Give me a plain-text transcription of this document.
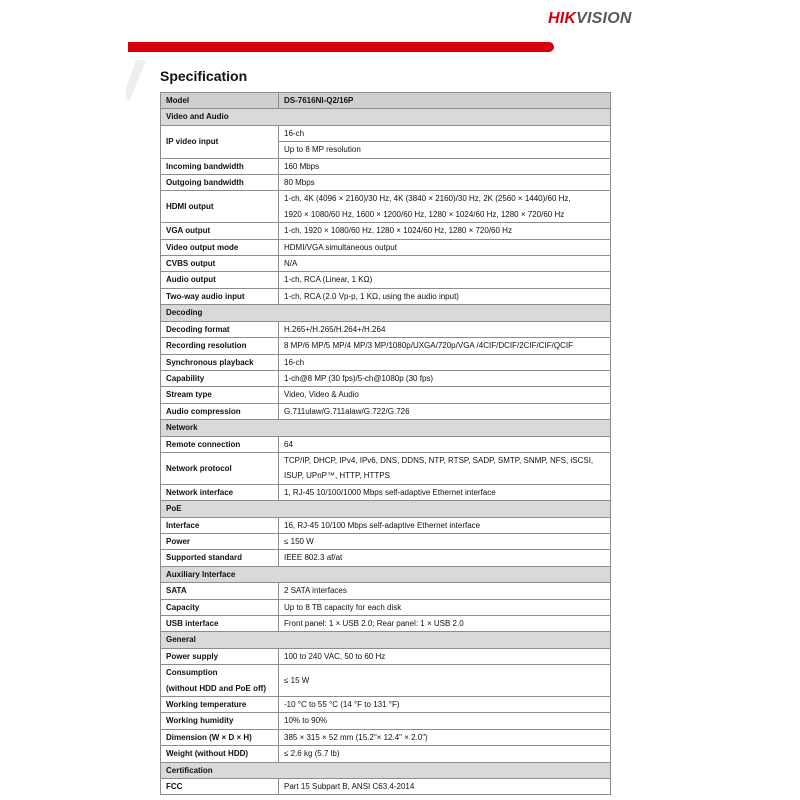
HIKVISION
Specification
Model	DS-7616NI-Q2/16P
Video and Audio	
IP video input	16-ch
	Up to 8 MP resolution
Incoming bandwidth	160 Mbps
Outgoing bandwidth	80 Mbps
HDMI output	1-ch, 4K (4096 × 2160)/30 Hz, 4K (3840 × 2160)/30 Hz, 2K (2560 × 1440)/60 Hz,
1920 × 1080/60 Hz, 1600 × 1200/60 Hz, 1280 × 1024/60 Hz, 1280 × 720/60 Hz
VGA output	1-ch, 1920 × 1080/60 Hz, 1280 × 1024/60 Hz, 1280 × 720/60 Hz
Video output mode	HDMI/VGA simultaneous output
CVBS output	N/A
Audio output	1-ch, RCA (Linear, 1 KΩ)
Two-way audio input	1-ch, RCA (2.0 Vp-p, 1 KΩ, using the audio input)
Decoding	
Decoding format	H.265+/H.265/H.264+/H.264
Recording resolution	8 MP/6 MP/5 MP/4 MP/3 MP/1080p/UXGA/720p/VGA /4CIF/DCIF/2CIF/CIF/QCIF
Synchronous playback	16-ch
Capability	1-ch@8 MP (30 fps)/5-ch@1080p (30 fps)
Stream type	Video, Video & Audio
Audio compression	G.711ulaw/G.711alaw/G.722/G.726
Network	
Remote connection	64
Network protocol	TCP/IP, DHCP, IPv4, IPv6, DNS, DDNS, NTP, RTSP, SADP, SMTP, SNMP, NFS, iSCSI,
ISUP, UPnP™, HTTP, HTTPS
Network interface	1, RJ-45 10/100/1000 Mbps self-adaptive Ethernet interface
PoE	
Interface	16, RJ-45 10/100 Mbps self-adaptive Ethernet interface
Power	≤ 150 W
Supported standard	IEEE 802.3 af/at
Auxiliary Interface	
SATA	2 SATA interfaces
Capacity	Up to 8 TB capacity for each disk
USB interface	Front panel: 1 × USB 2.0; Rear panel: 1 × USB 2.0
General	
Power supply	100 to 240 VAC, 50 to 60 Hz
Consumption
(without HDD and PoE off)	≤ 15 W
Working temperature	-10 °C to 55 °C (14 °F to 131 °F)
Working humidity	10% to 90%
Dimension (W × D × H)	385 × 315 × 52 mm (15.2"× 12.4" × 2.0")
Weight (without HDD)	≤ 2.6 kg (5.7 lb)
Certification	
FCC	Part 15 Subpart B, ANSI C63.4-2014
